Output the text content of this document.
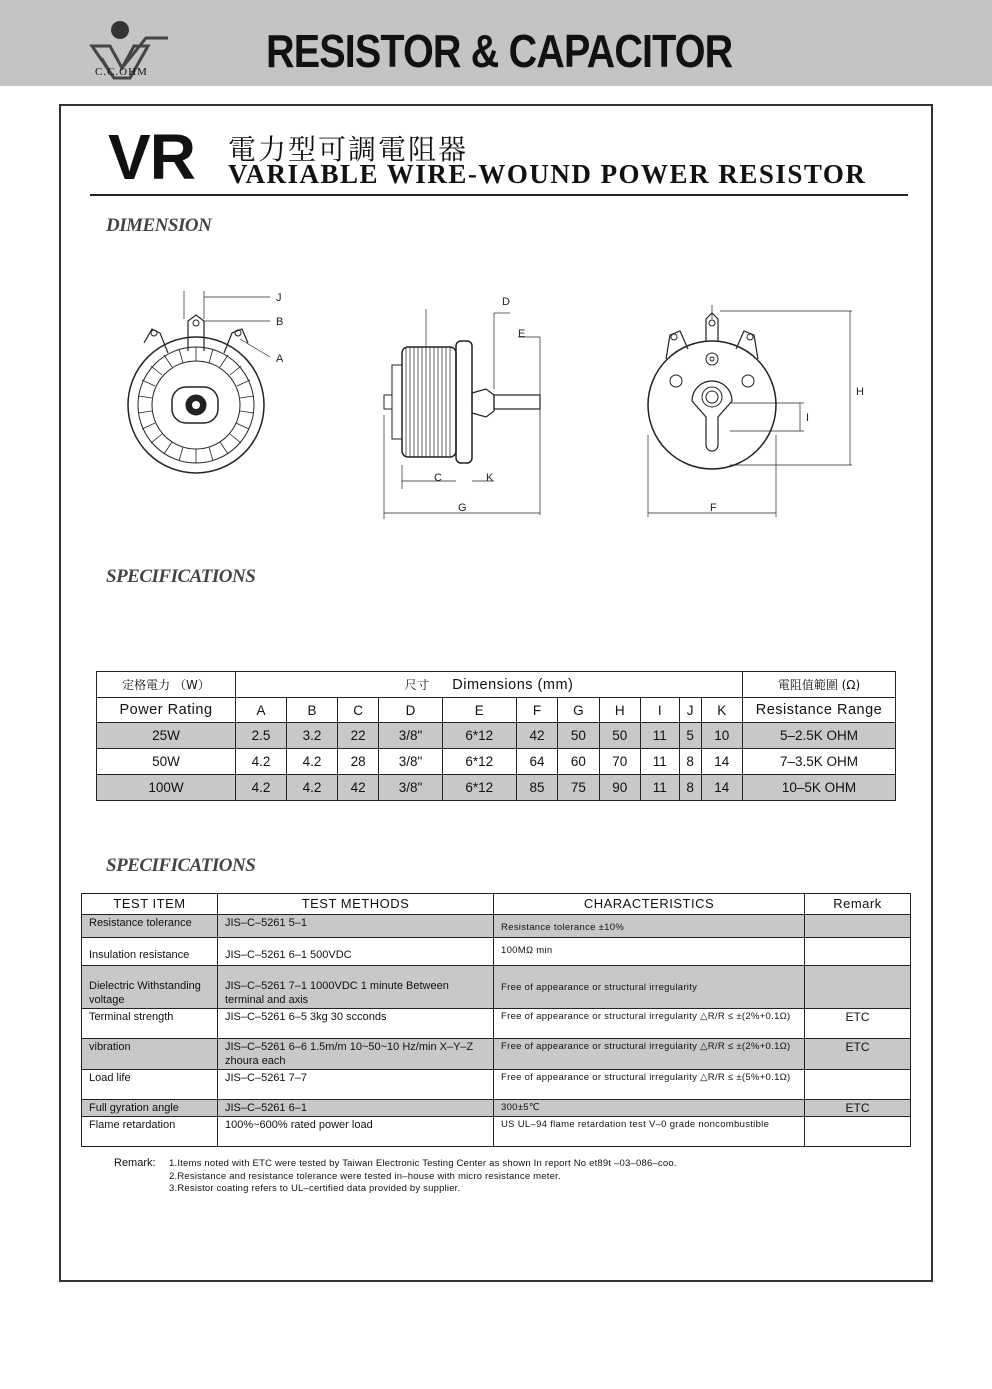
C.C.OHM	RESISTOR & CAPACITOR
VR 電力型可調電阻器
VARIABLE WIRE-WOUND POWER RESISTOR
DIMENSION
J
B
A
D
E
C	K
G
H
I
F
SPECIFICATIONS
定格電力 （W）	尺寸 Dimensions (mm)											電阻值範圍 (Ω)
Power Rating	A	B	C	D	E	F	G	H	I	J	K	Resistance Range
25W	2.5	3.2	22	3/8"	6*12	42	50	50	11	5	10	5–2.5K OHM
50W	4.2	4.2	28	3/8"	6*12	64	60	70	11	8	14	7–3.5K OHM
100W	4.2	4.2	42	3/8"	6*12	85	75	90	11	8	14	10–5K OHM
SPECIFICATIONS
TEST ITEM	TEST METHODS	CHARACTERISTICS	Remark
Resistance tolerance	JIS–C–5261 5–1	Resistance tolerance ±10%	
Insulation resistance	JIS–C–5261 6–1 500VDC	100MΩ min	
Dielectric Withstanding voltage	JIS–C–5261 7–1 1000VDC 1 minute Between terminal and axis	Free of appearance or structural irregularity	
Terminal strength	JIS–C–5261 6–5 3kg 30 scconds	Free of appearance or structural irregularity △R/R ≤ ±(2%+0.1Ω)	ETC
vibration	JIS–C–5261 6–6 1.5m/m 10~50~10 Hz/min X–Y–Z zhoura each	Free of appearance or structural irregularity △R/R ≤ ±(2%+0.1Ω)	ETC
Load life	JIS–C–5261 7–7	Free of appearance or structural irregularity △R/R ≤ ±(5%+0.1Ω)	
Full gyration angle	JIS–C–5261 6–1	300±5℃	ETC
Flame retardation	100%~600% rated power load	US UL–94 flame retardation test V–0 grade noncombustible	
Remark: 1.Items noted with ETC were tested by Taiwan Electronic Testing Center as shown In report No et89t –03–086–coo.
2.Resistance and resistance tolerance were tested in–house with micro resistance meter.
3.Resistor coating refers to UL–certified data provided by supplier.
